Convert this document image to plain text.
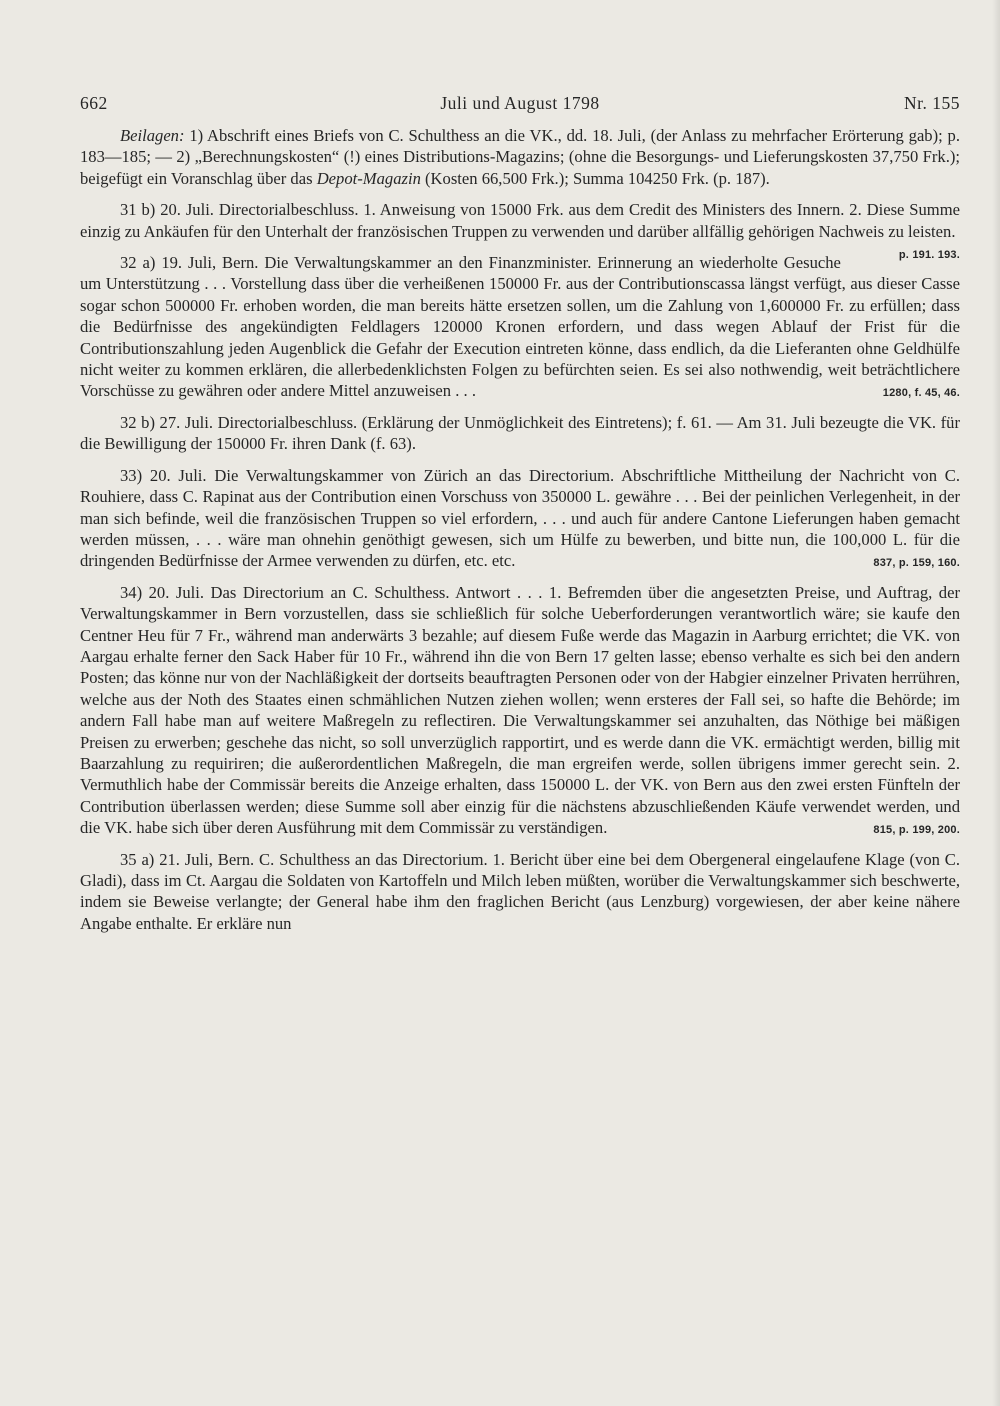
662	Juli und August 1798	Nr. 155

Beilagen: 1) Abschrift eines Briefs von C. Schulthess an die VK., dd. 18. Juli, (der Anlass zu mehrfacher Erörterung gab); p. 183—185; — 2) „Berechnungskosten“ (!) eines Distributions-Magazins; (ohne die Besorgungs- und Lieferungskosten 37,750 Frk.); beigefügt ein Voranschlag über das Depot-Magazin (Kosten 66,500 Frk.); Summa 104250 Frk. (p. 187).

31 b) 20. Juli. Directorialbeschluss. 1. Anweisung von 15000 Frk. aus dem Credit des Ministers des Innern. 2. Diese Summe einzig zu Ankäufen für den Unterhalt der französischen Truppen zu verwenden und darüber allfällig gehörigen Nachweis zu leisten.
p. 191. 193.

32 a) 19. Juli, Bern. Die Verwaltungskammer an den Finanzminister. Erinnerung an wiederholte Gesuche um Unterstützung . . . Vorstellung dass über die verheißenen 150000 Fr. aus der Contributionscassa längst verfügt, aus dieser Casse sogar schon 500000 Fr. erhoben worden, die man bereits hätte ersetzen sollen, um die Zahlung von 1,600000 Fr. zu erfüllen; dass die Bedürfnisse des angekündigten Feldlagers 120000 Kronen erfordern, und dass wegen Ablauf der Frist für die Contributionszahlung jeden Augenblick die Gefahr der Execution eintreten könne, dass endlich, da die Lieferanten ohne Geldhülfe nicht weiter zu kommen erklären, die allerbedenklichsten Folgen zu befürchten seien. Es sei also nothwendig, weit beträchtlichere Vorschüsse zu gewähren oder andere Mittel anzuweisen . . .	1280, f. 45, 46.

32 b) 27. Juli. Directorialbeschluss. (Erklärung der Unmöglichkeit des Eintretens); f. 61. — Am 31. Juli bezeugte die VK. für die Bewilligung der 150000 Fr. ihren Dank (f. 63).

33) 20. Juli. Die Verwaltungskammer von Zürich an das Directorium. Abschriftliche Mittheilung der Nachricht von C. Rouhiere, dass C. Rapinat aus der Contribution einen Vorschuss von 350000 L. gewähre . . . Bei der peinlichen Verlegenheit, in der man sich befinde, weil die französischen Truppen so viel erfordern, . . . und auch für andere Cantone Lieferungen haben gemacht werden müssen, . . . wäre man ohnehin genöthigt gewesen, sich um Hülfe zu bewerben, und bitte nun, die 100,000 L. für die dringenden Bedürfnisse der Armee verwenden zu dürfen, etc. etc.	837, p. 159, 160.

34) 20. Juli. Das Directorium an C. Schulthess. Antwort . . . 1. Befremden über die angesetzten Preise, und Auftrag, der Verwaltungskammer in Bern vorzustellen, dass sie schließlich für solche Ueberforderungen verantwortlich wäre; sie kaufe den Centner Heu für 7 Fr., während man anderwärts 3 bezahle; auf diesem Fuße werde das Magazin in Aarburg errichtet; die VK. von Aargau erhalte ferner den Sack Haber für 10 Fr., während ihn die von Bern 17 gelten lasse; ebenso verhalte es sich bei den andern Posten; das könne nur von der Nachläßigkeit der dortseits beauftragten Personen oder von der Habgier einzelner Privaten herrühren, welche aus der Noth des Staates einen schmählichen Nutzen ziehen wollen; wenn ersteres der Fall sei, so hafte die Behörde; im andern Fall habe man auf weitere Maßregeln zu reflectiren. Die Verwaltungskammer sei anzuhalten, das Nöthige bei mäßigen Preisen zu erwerben; geschehe das nicht, so soll unverzüglich rapportirt, und es werde dann die VK. ermächtigt werden, billig mit Baarzahlung zu requiriren; die außerordentlichen Maßregeln, die man ergreifen werde, sollen übrigens immer gerecht sein. 2. Vermuthlich habe der Commissär bereits die Anzeige erhalten, dass 150000 L. der VK. von Bern aus den zwei ersten Fünfteln der Contribution überlassen werden; diese Summe soll aber einzig für die nächstens abzuschließenden Käufe verwendet werden, und die VK. habe sich über deren Ausführung mit dem Commissär zu verständigen.	815, p. 199, 200.

35 a) 21. Juli, Bern. C. Schulthess an das Directorium. 1. Bericht über eine bei dem Obergeneral eingelaufene Klage (von C. Gladi), dass im Ct. Aargau die Soldaten von Kartoffeln und Milch leben müßten, worüber die Verwaltungskammer sich beschwerte, indem sie Beweise verlangte; der General habe ihm den fraglichen Bericht (aus Lenzburg) vorgewiesen, der aber keine nähere Angabe enthalte. Er erkläre nun
